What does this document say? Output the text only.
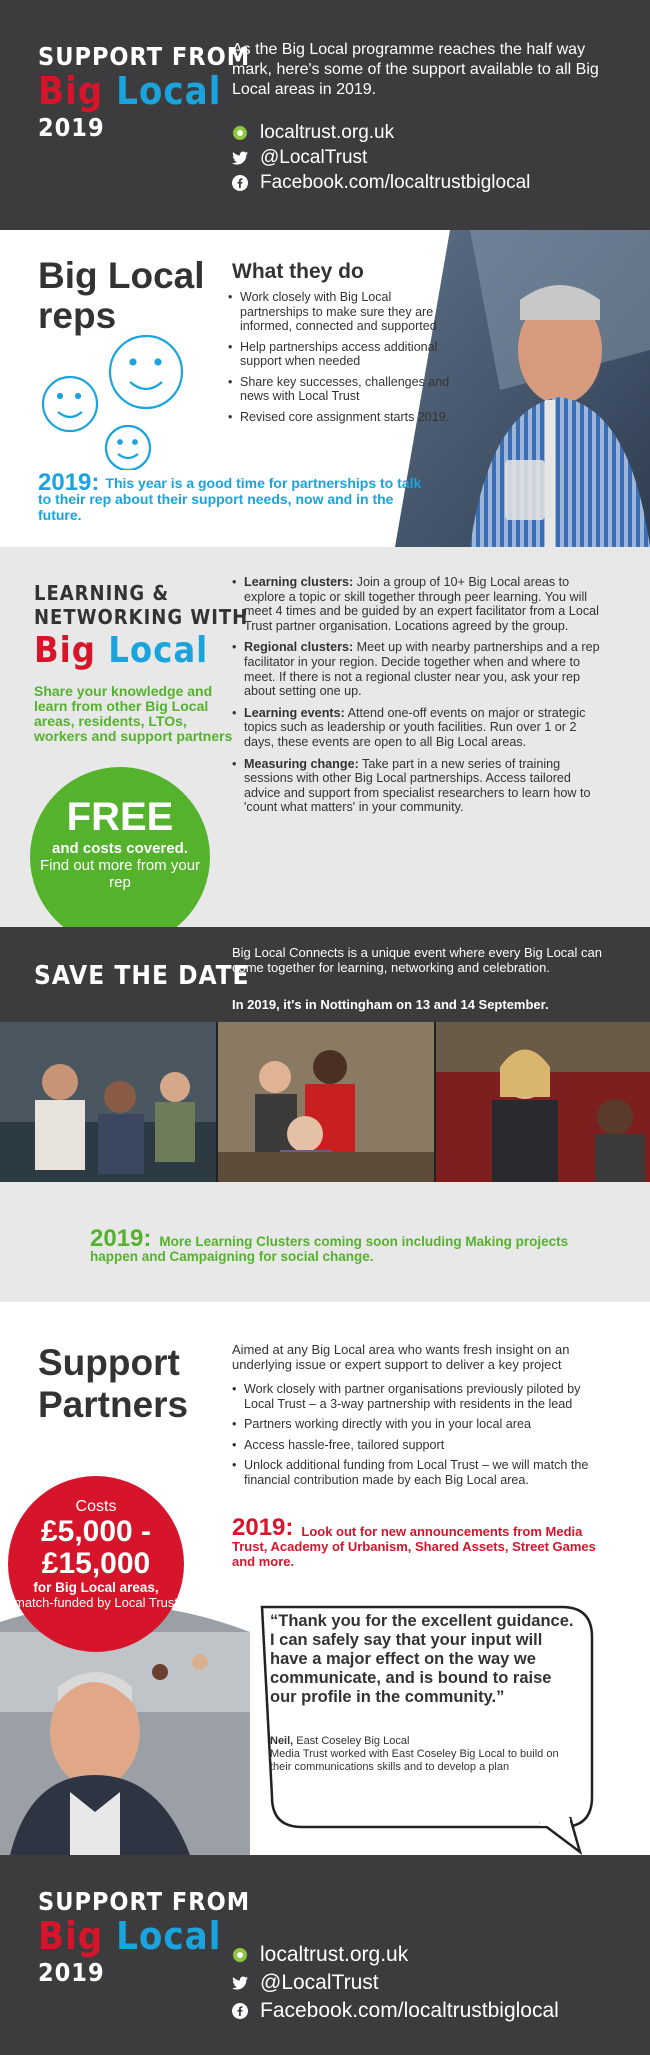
SUPPORT FROM
Big Local
2019
As the Big Local programme reaches the half way mark, here's some of the support available to all Big Local areas in 2019.
localtrust.org.uk
@LocalTrust
Facebook.com/localtrustbiglocal
Big Local
reps
What they do
• Work closely with Big Local partnerships to make sure they are informed, connected and supported
• Help partnerships access additional support when needed
• Share key successes, challenges and news with Local Trust
• Revised core assignment starts 2019.
2019: This year is a good time for partnerships to talk to their rep about their support needs, now and in the future.
LEARNING &
NETWORKING WITH
Big Local
Share your knowledge and learn from other Big Local areas, residents, LTOs, workers and support partners
FREE
and costs covered.
Find out more from your rep
• Learning clusters: Join a group of 10+ Big Local areas to explore a topic or skill together through peer learning. You will meet 4 times and be guided by an expert facilitator from a Local Trust partner organisation. Locations agreed by the group.
• Regional clusters: Meet up with nearby partnerships and a rep facilitator in your region. Decide together when and where to meet. If there is not a regional cluster near you, ask your rep about setting one up.
• Learning events: Attend one-off events on major or strategic topics such as leadership or youth facilities. Run over 1 or 2 days, these events are open to all Big Local areas.
• Measuring change: Take part in a new series of training sessions with other Big Local partnerships. Access tailored advice and support from specialist researchers to learn how to 'count what matters' in your community.
SAVE THE DATE
Big Local Connects is a unique event where every Big Local can come together for learning, networking and celebration.
In 2019, it's in Nottingham on 13 and 14 September.
2019: More Learning Clusters coming soon including Making projects happen and Campaigning for social change.
Support
Partners
Aimed at any Big Local area who wants fresh insight on an underlying issue or expert support to deliver a key project
• Work closely with partner organisations previously piloted by Local Trust – a 3-way partnership with residents in the lead
• Partners working directly with you in your local area
• Access hassle-free, tailored support
• Unlock additional funding from Local Trust – we will match the financial contribution made by each Big Local area.
Costs
£5,000 -
£15,000
for Big Local areas,
match-funded by Local Trust
2019: Look out for new announcements from Media Trust, Academy of Urbanism, Shared Assets, Street Games and more.
“Thank you for the excellent guidance. I can safely say that your input will have a major effect on the way we communicate, and is bound to raise our profile in the community.”
Neil, East Coseley Big Local
Media Trust worked with East Coseley Big Local to build on their communications skills and to develop a plan
SUPPORT FROM
Big Local
2019
localtrust.org.uk
@LocalTrust
Facebook.com/localtrustbiglocal
